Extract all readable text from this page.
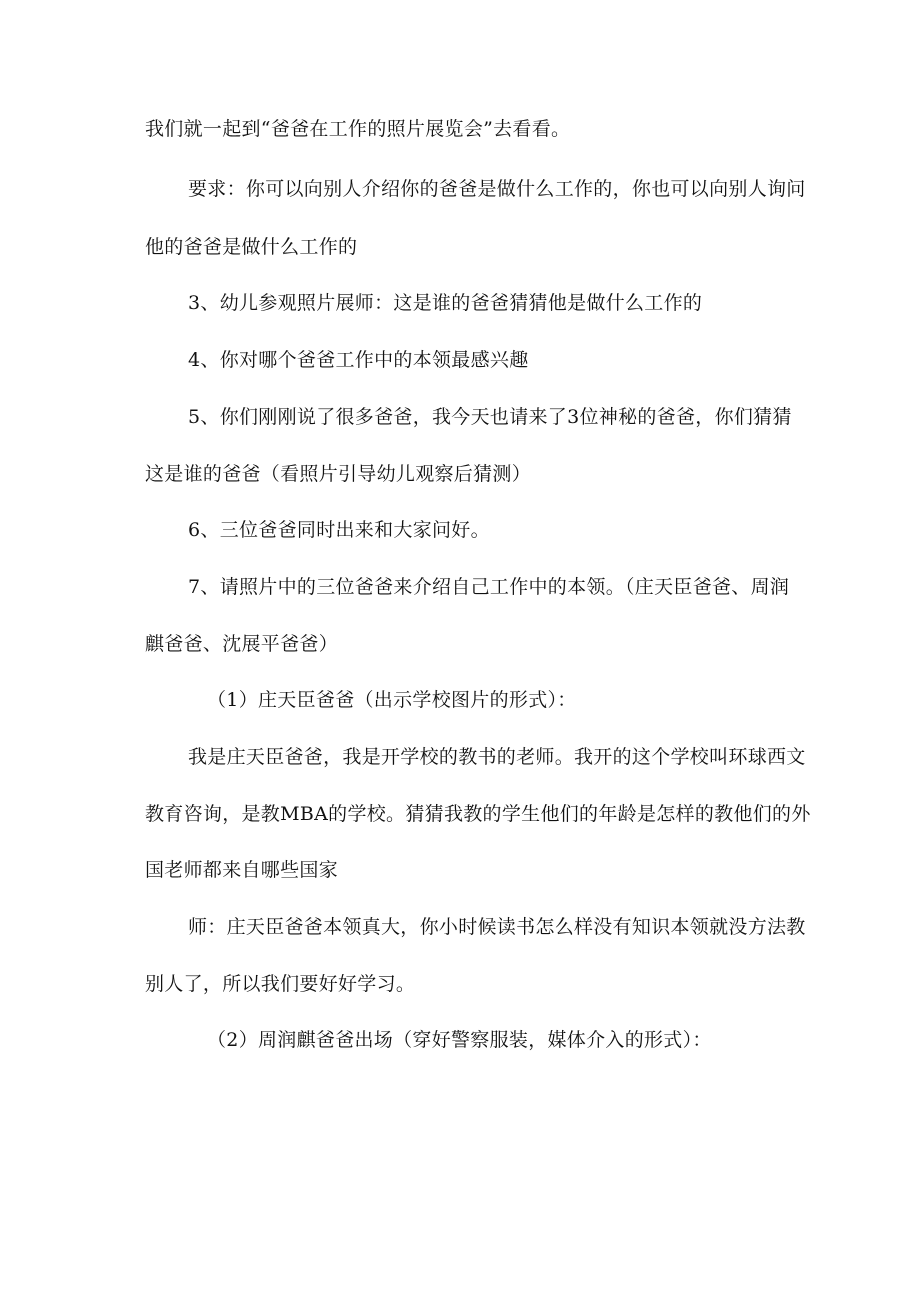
我们就一起到“爸爸在工作的照片展览会”去看看。
要求：你可以向别人介绍你的爸爸是做什么工作的，你也可以向别人询问
他的爸爸是做什么工作的
3、幼儿参观照片展师：这是谁的爸爸猜猜他是做什么工作的
4、你对哪个爸爸工作中的本领最感兴趣
5、你们刚刚说了很多爸爸，我今天也请来了3位神秘的爸爸，你们猜猜
这是谁的爸爸（看照片引导幼儿观察后猜测）
6、三位爸爸同时出来和大家问好。
7、请照片中的三位爸爸来介绍自己工作中的本领。（庄天臣爸爸、周润
麒爸爸、沈展平爸爸）
（1）庄天臣爸爸（出示学校图片的形式）：
我是庄天臣爸爸，我是开学校的教书的老师。我开的这个学校叫环球西文
教育咨询，是教MBA的学校。猜猜我教的学生他们的年龄是怎样的教他们的外
国老师都来自哪些国家
师：庄天臣爸爸本领真大，你小时候读书怎么样没有知识本领就没方法教
别人了，所以我们要好好学习。
（2）周润麒爸爸出场（穿好警察服装，媒体介入的形式）：
